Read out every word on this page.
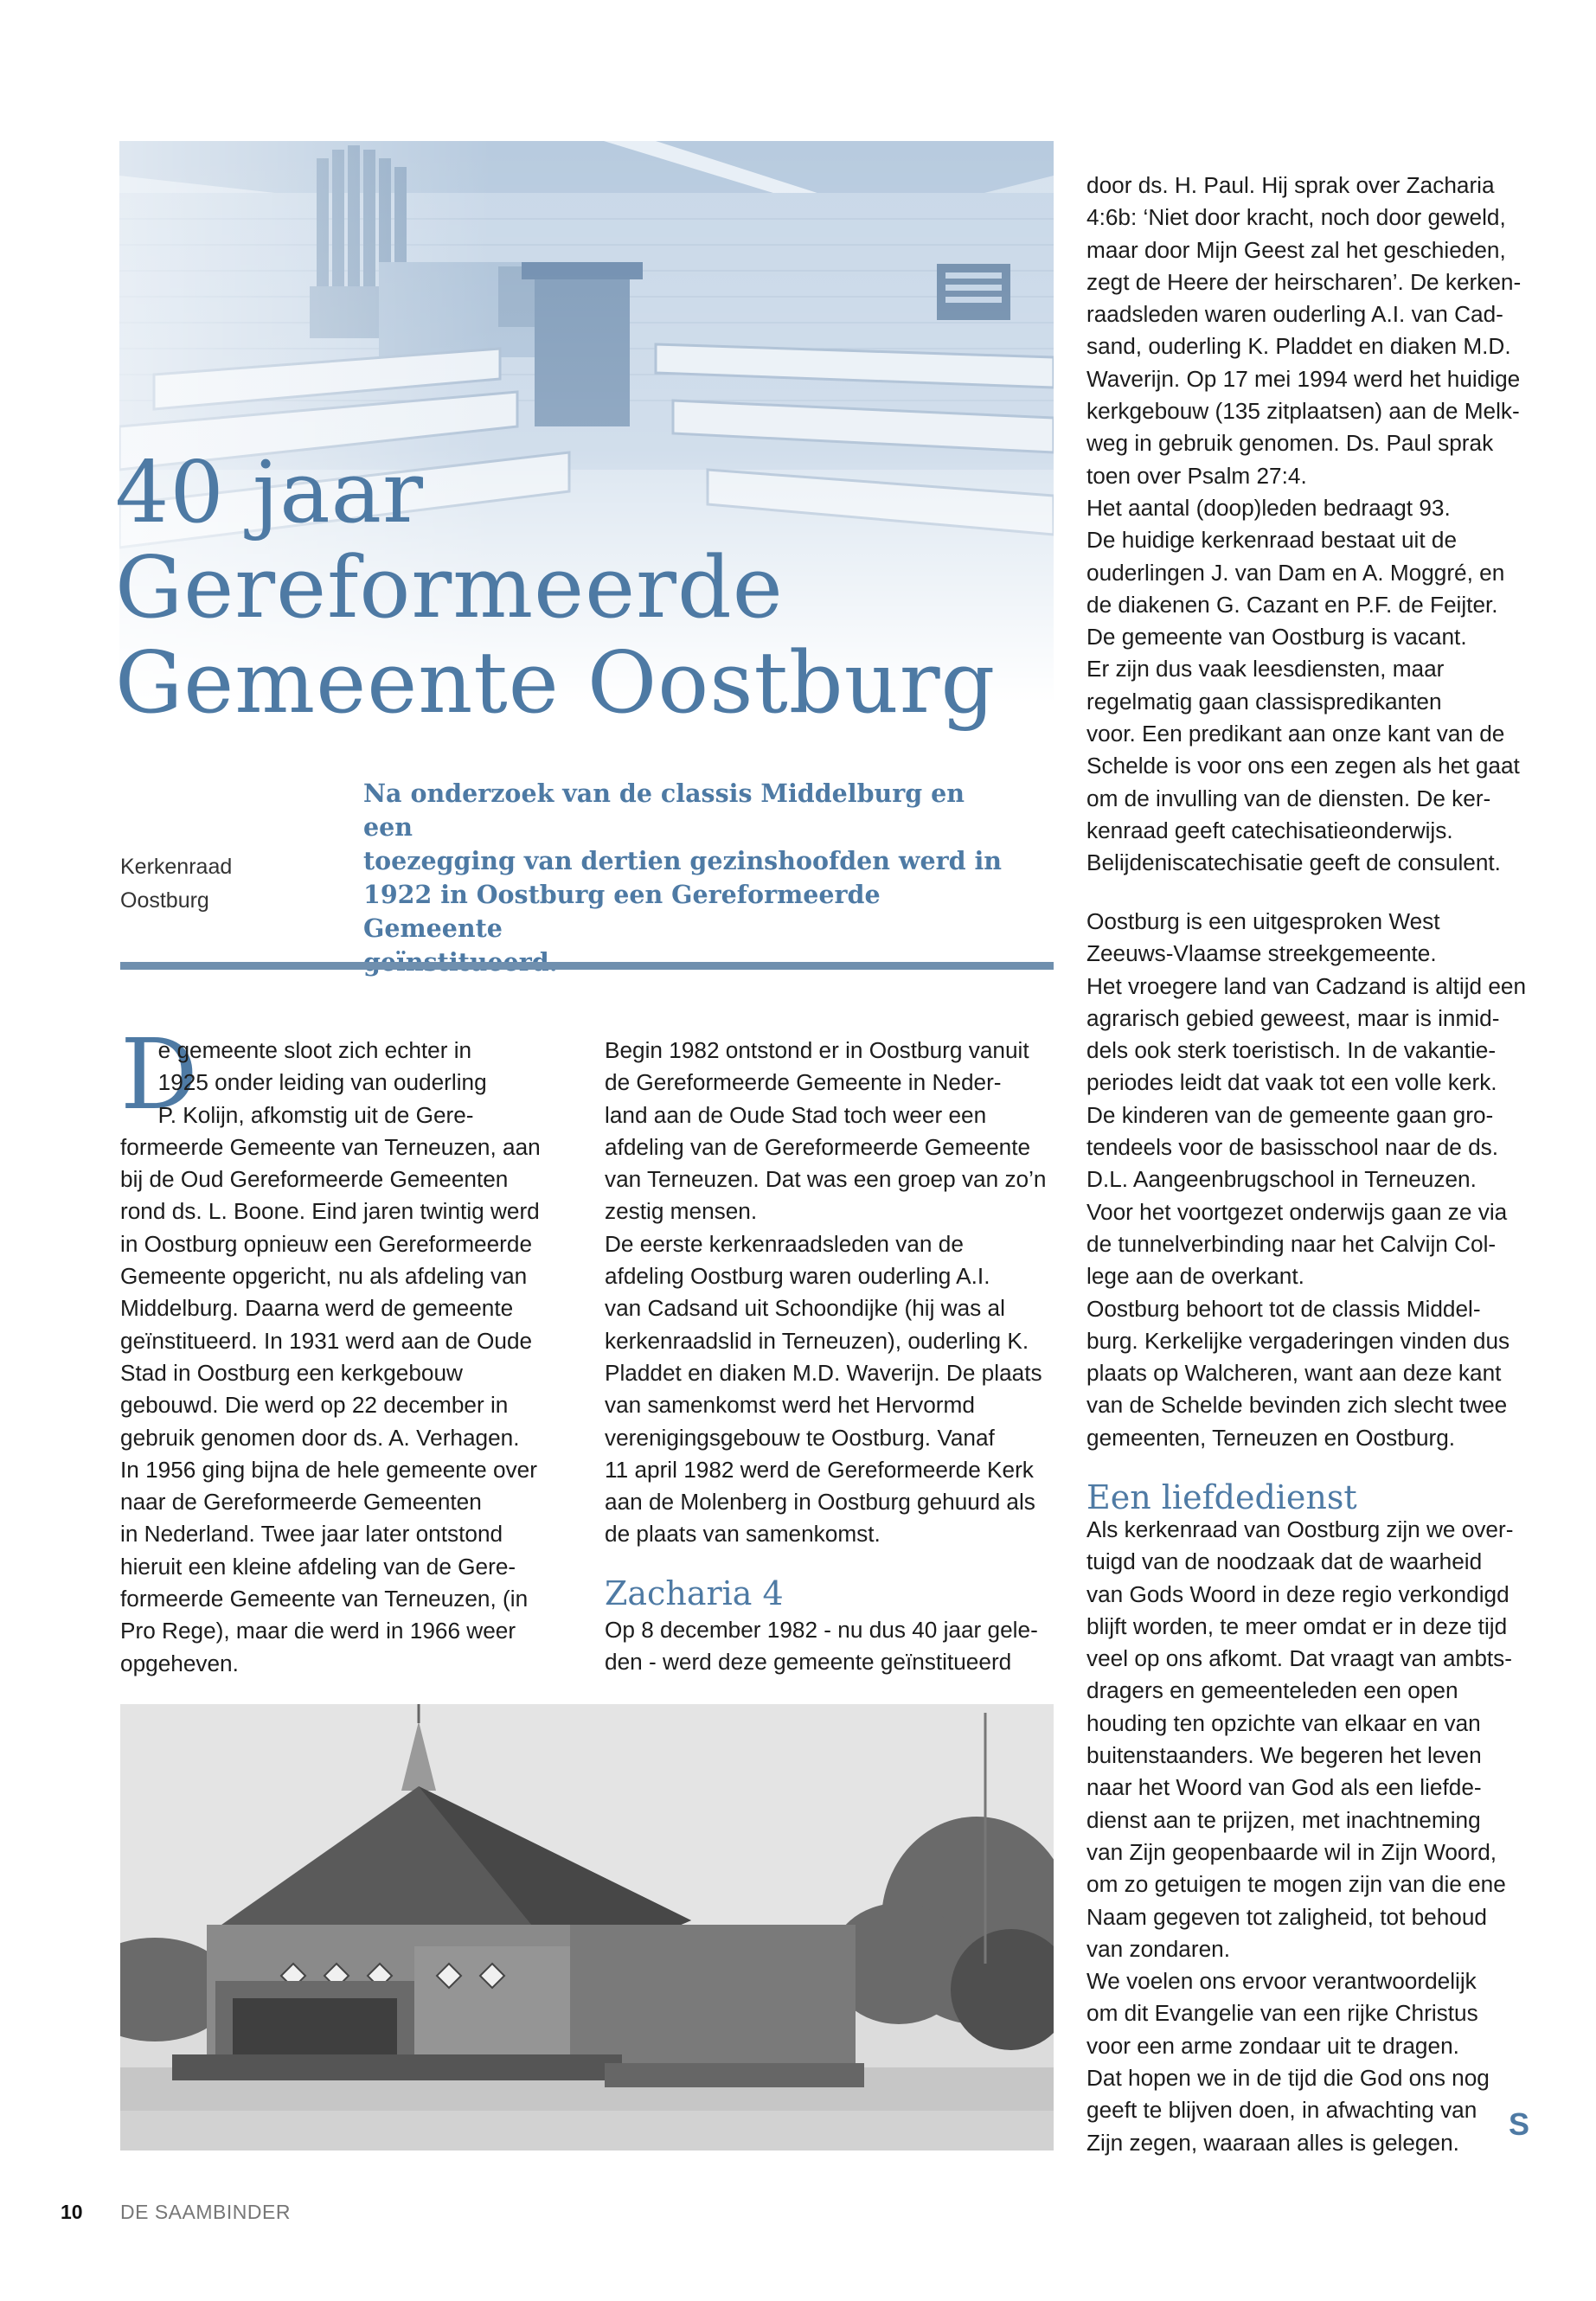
40 jaar
Gereformeerde
Gemeente Oostburg
Kerkenraad
Oostburg
Na onderzoek van de classis Middelburg en een
toezegging van dertien gezinshoofden werd in
1922 in Oostburg een Gereformeerde Gemeente
D
e gemeente sloot zich echter in
1925 onder leiding van ouderling
P. Kolijn, afkomstig uit de Gere-
formeerde Gemeente van Terneuzen, aan
bij de Oud Gereformeerde Gemeenten
rond ds. L. Boone. Eind jaren twintig werd
in Oostburg opnieuw een Gereformeerde
Gemeente opgericht, nu als afdeling van
Middelburg. Daarna werd de gemeente
geïnstitueerd. In 1931 werd aan de Oude
Stad in Oostburg een kerkgebouw
gebouwd. Die werd op 22 december in
gebruik genomen door ds. A. Verhagen.
In 1956 ging bijna de hele gemeente over
naar de Gereformeerde Gemeenten
in Nederland. Twee jaar later ontstond
hieruit een kleine afdeling van de Gere-
formeerde Gemeente van Terneuzen, (in
Pro Rege), maar die werd in 1966 weer
opgeheven.
Begin 1982 ontstond er in Oostburg vanuit
de Gereformeerde Gemeente in Neder-
land aan de Oude Stad toch weer een
afdeling van de Gereformeerde Gemeente
van Terneuzen. Dat was een groep van zo’n
zestig mensen.
De eerste kerkenraadsleden van de
afdeling Oostburg waren ouderling A.I.
van Cadsand uit Schoondijke (hij was al
kerkenraadslid in Terneuzen), ouderling K.
Pladdet en diaken M.D. Waverijn. De plaats
van samenkomst werd het Hervormd
verenigingsgebouw te Oostburg. Vanaf
11 april 1982 werd de Gereformeerde Kerk
aan de Molenberg in Oostburg gehuurd als
de plaats van samenkomst.
Zacharia 4
Op 8 december 1982 - nu dus 40 jaar gele-
den - werd deze gemeente geïnstitueerd
door ds. H. Paul. Hij sprak over Zacharia
4:6b: ‘Niet door kracht, noch door geweld,
maar door Mijn Geest zal het geschieden,
zegt de Heere der heirscharen’. De kerken-
raadsleden waren ouderling A.I. van Cad-
sand, ouderling K. Pladdet en diaken M.D.
Waverijn. Op 17 mei 1994 werd het huidige
kerkgebouw (135 zitplaatsen) aan de Melk-
weg in gebruik genomen. Ds. Paul sprak
toen over Psalm 27:4.
Het aantal (doop)leden bedraagt 93.
De huidige kerkenraad bestaat uit de
ouderlingen J. van Dam en A. Moggré, en
de diakenen G. Cazant en P.F. de Feijter.
De gemeente van Oostburg is vacant.
Er zijn dus vaak leesdiensten, maar
regelmatig gaan classispredikanten
voor. Een predikant aan onze kant van de
Schelde is voor ons een zegen als het gaat
om de invulling van de diensten. De ker-
kenraad geeft catechisatieonderwijs.
Belijdeniscatechisatie geeft de consulent.
Oostburg is een uitgesproken West
Zeeuws-Vlaamse streekgemeente.
Het vroegere land van Cadzand is altijd een
agrarisch gebied geweest, maar is inmid-
dels ook sterk toeristisch. In de vakantie-
periodes leidt dat vaak tot een volle kerk.
De kinderen van de gemeente gaan gro-
tendeels voor de basisschool naar de ds.
D.L. Aangeenbrugschool in Terneuzen.
Voor het voortgezet onderwijs gaan ze via
de tunnelverbinding naar het Calvijn Col-
lege aan de overkant.
Oostburg behoort tot de classis Middel-
burg. Kerkelijke vergaderingen vinden dus
plaats op Walcheren, want aan deze kant
van de Schelde bevinden zich slecht twee
gemeenten, Terneuzen en Oostburg.
Een liefdedienst
Als kerkenraad van Oostburg zijn we over-
tuigd van de noodzaak dat de waarheid
van Gods Woord in deze regio verkondigd
blijft worden, te meer omdat er in deze tijd
veel op ons afkomt. Dat vraagt van ambts-
dragers en gemeenteleden een open
houding ten opzichte van elkaar en van
buitenstaanders. We begeren het leven
naar het Woord van God als een liefde-
dienst aan te prijzen, met inachtneming
van Zijn geopenbaarde wil in Zijn Woord,
om zo getuigen te mogen zijn van die ene
Naam gegeven tot zaligheid, tot behoud
van zondaren.
We voelen ons ervoor verantwoordelijk
om dit Evangelie van een rijke Christus
voor een arme zondaar uit te dragen.
Dat hopen we in de tijd die God ons nog
geeft te blijven doen, in afwachting van
Zijn zegen, waaraan alles is gelegen.
S
10 DE SAAMBINDER
